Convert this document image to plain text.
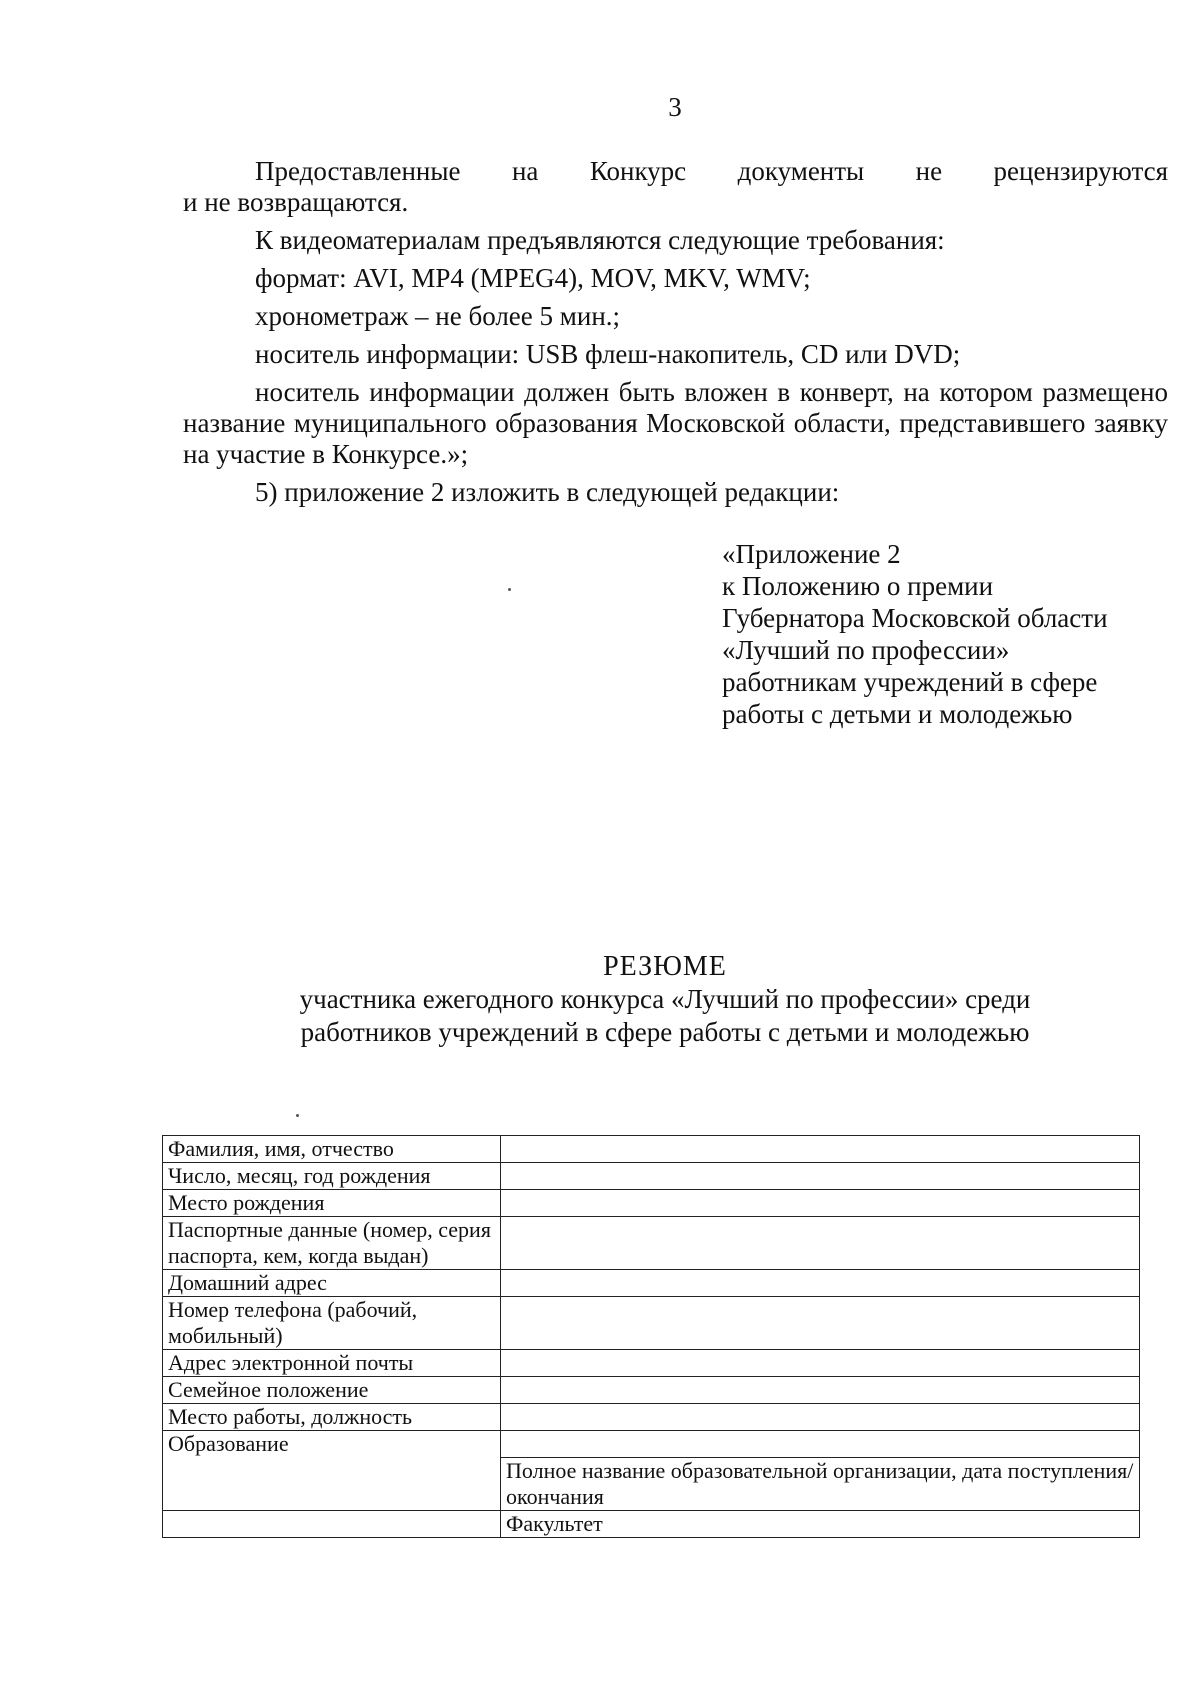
3

Предоставленные на Конкурс документы не рецензируются

и не возвращаются.

К видеоматериалам предъявляются следующие требования:

формат: AVI, MP4 (MPEG4), MOV, MKV, WMV;

хронометраж – не более 5 мин.;

носитель информации: USB флеш-накопитель, CD или DVD;

носитель информации должен быть вложен в конверт, на котором размещено название муниципального образования Московской области, представившего заявку на участие в Конкурсе.»;

5) приложение 2 изложить в следующей редакции:

«Приложение 2
к Положению о премии
Губернатора Московской области
«Лучший по профессии»
работникам учреждений в сфере
работы с детьми и молодежью
РЕЗЮМЕ
участника ежегодного конкурса «Лучший по профессии» среди
работников учреждений в сфере работы с детьми и молодежью
Фамилия, имя, отчество	
Число, месяц, год рождения	
Место рождения	
Паспортные данные (номер, серия паспорта, кем, когда выдан)	
Домашний адрес	
Номер телефона (рабочий, мобильный)	
Адрес электронной почты	
Семейное положение	
Место работы, должность	
Образование	
	Полное название образовательной организации, дата поступления/окончания
	Факультет
